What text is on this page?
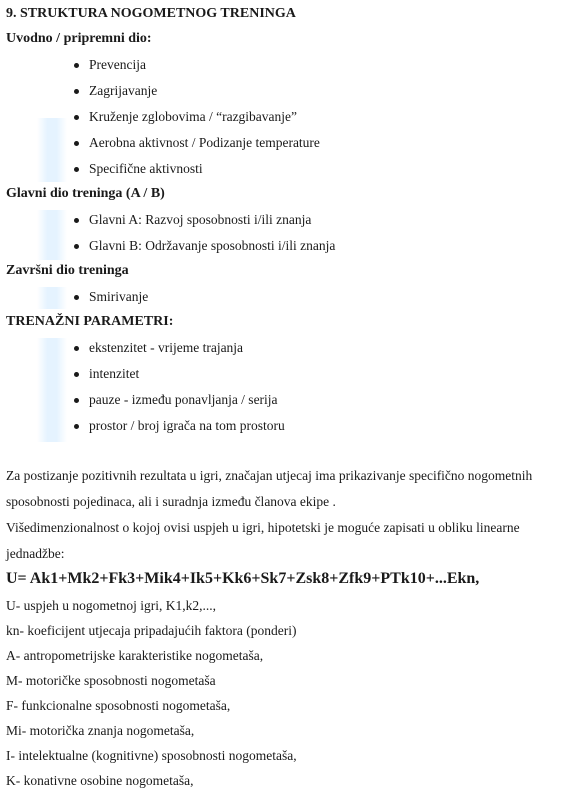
9. STRUKTURA NOGOMETNOG TRENINGA
Uvodno / pripremni dio:
Prevencija
Zagrijavanje
Kruženje zglobovima / “razgibavanje”
Aerobna aktivnost / Podizanje temperature
Specifične aktivnosti
Glavni dio treninga (A / B)
Glavni A: Razvoj sposobnosti i/ili znanja
Glavni B: Održavanje sposobnosti i/ili znanja
Završni dio treninga
Smirivanje
TRENAŽNI PARAMETRI:
ekstenzitet - vrijeme trajanja
intenzitet
pauze - između ponavljanja / serija
prostor / broj igrača na tom prostoru
Za postizanje pozitivnih rezultata u igri, značajan utjecaj ima prikazivanje specifično nogometnih
sposobnosti pojedinaca, ali i suradnja između članova ekipe .
Višedimenzionalnost o kojoj ovisi uspjeh u igri, hipotetski je moguće zapisati u obliku linearne
jednadžbe:
U= Ak1+Mk2+Fk3+Mik4+Ik5+Kk6+Sk7+Zsk8+Zfk9+PTk10+...Ekn,
U- uspjeh u nogometnoj igri, K1,k2,...,
kn- koeficijent utjecaja pripadajućih faktora (ponderi)
A- antropometrijske karakteristike nogometaša,
M- motoričke sposobnosti nogometaša
F- funkcionalne sposobnosti nogometaša,
Mi- motorička znanja nogometaša,
I- intelektualne (kognitivne) sposobnosti nogometaša,
K- konativne osobine nogometaša,
